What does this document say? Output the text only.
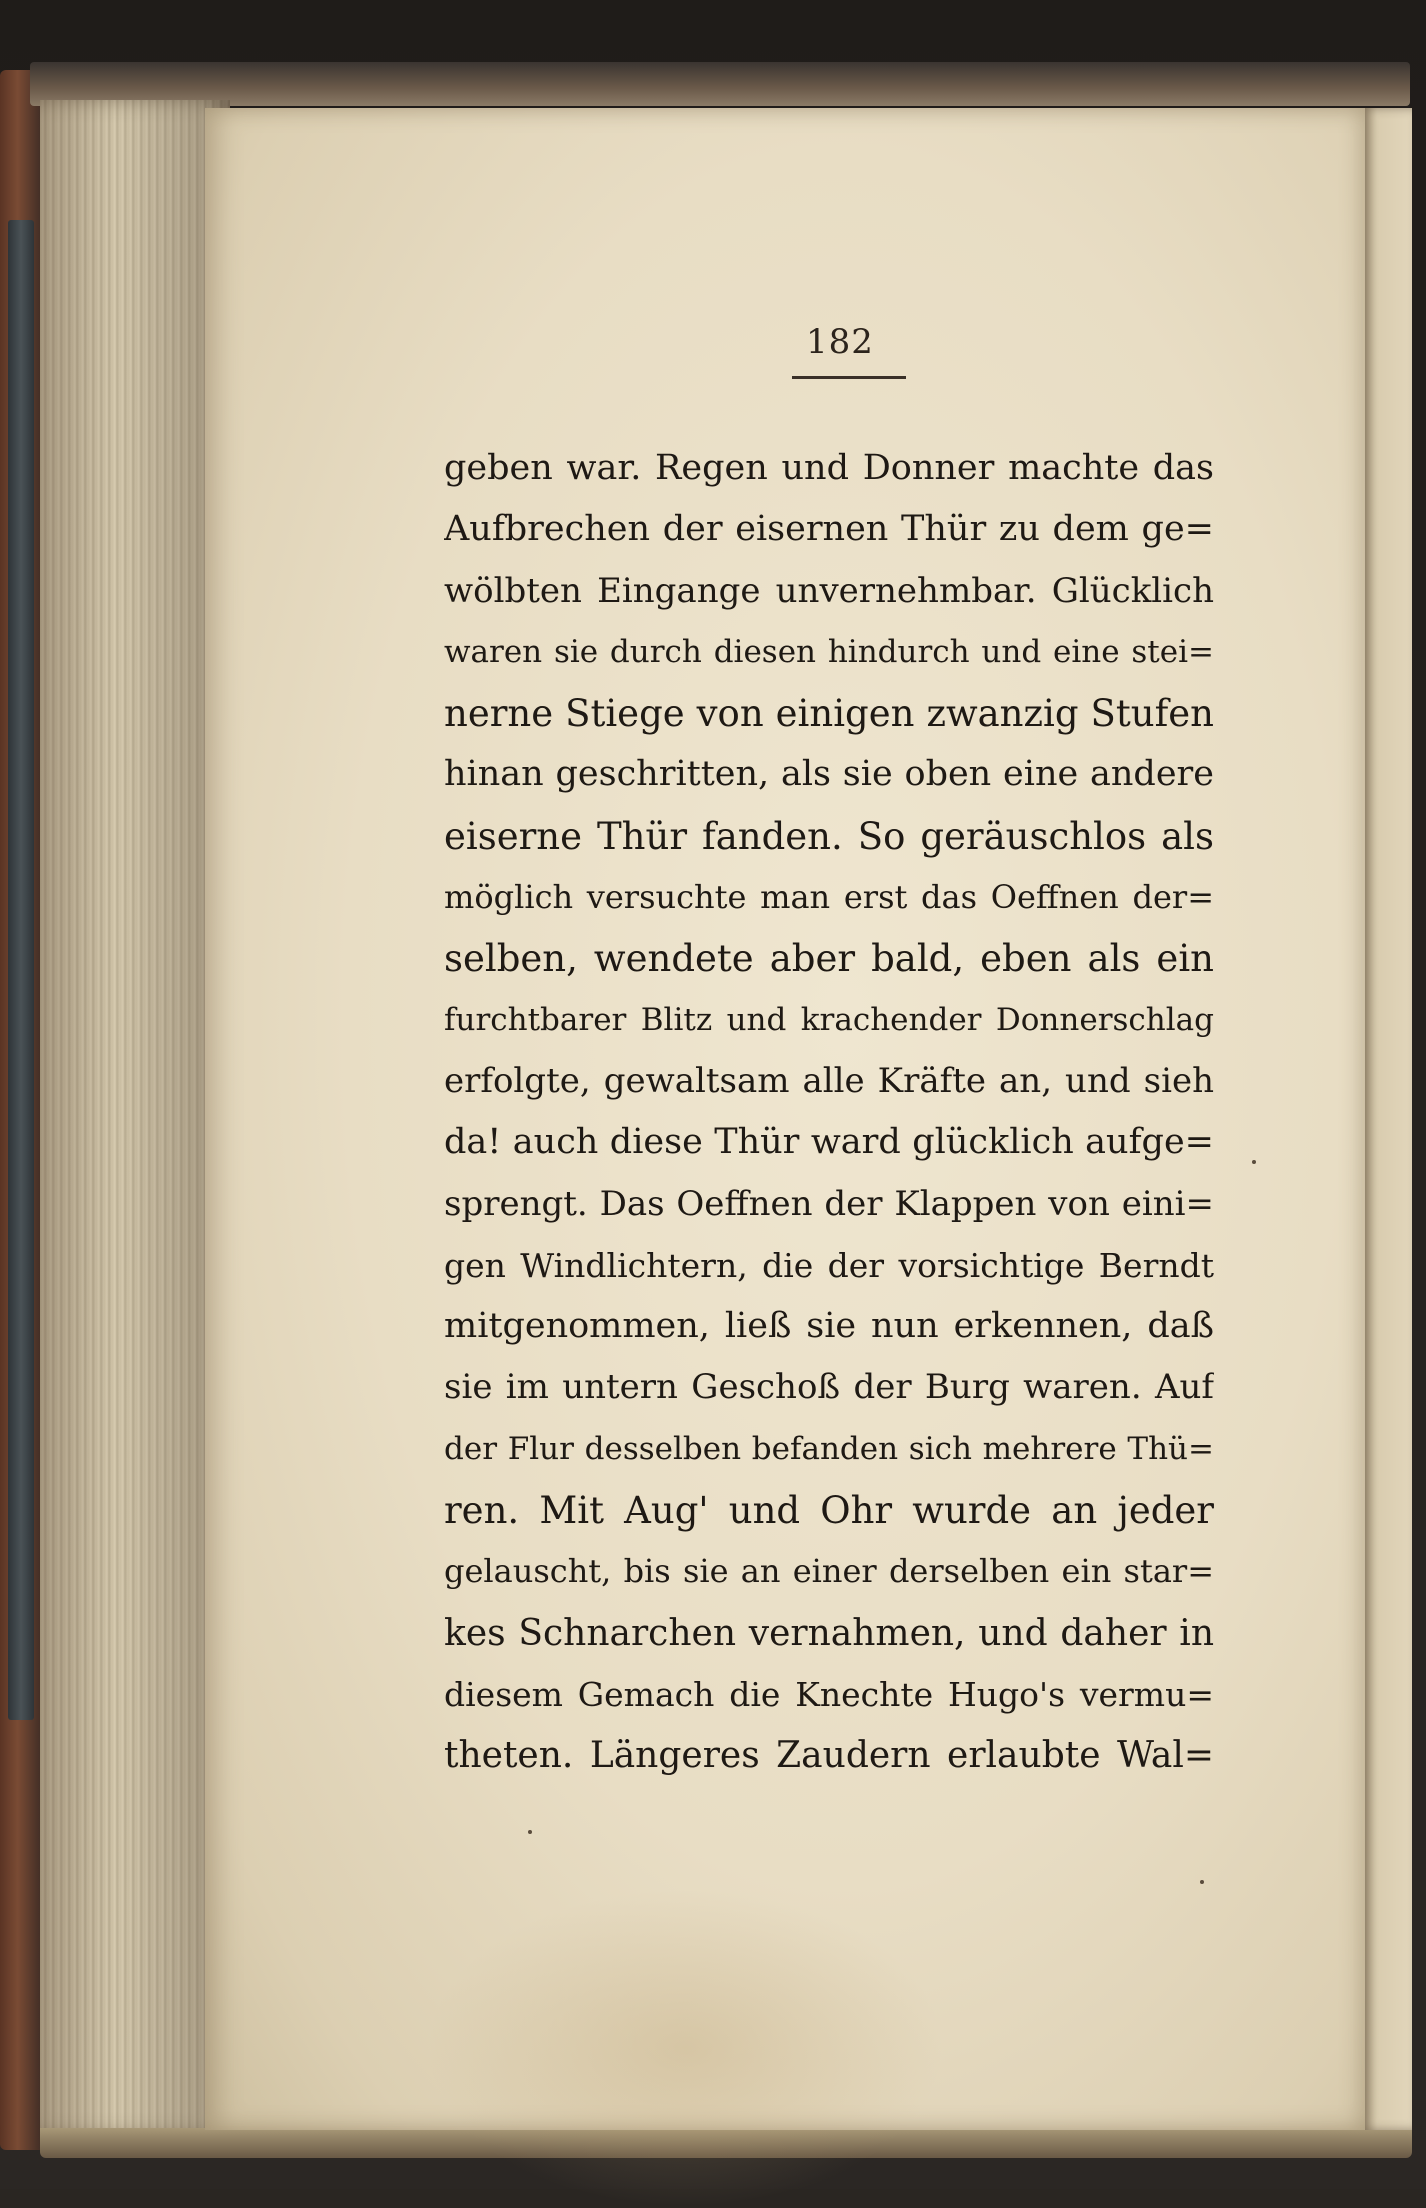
182
geben war. Regen und Donner machte das
Aufbrechen der eisernen Thür zu dem ge=
wölbten Eingange unvernehmbar. Glücklich
waren sie durch diesen hindurch und eine stei=
nerne Stiege von einigen zwanzig Stufen
hinan geschritten, als sie oben eine andere
eiserne Thür fanden. So geräuschlos als
möglich versuchte man erst das Oeffnen der=
selben, wendete aber bald, eben als ein
furchtbarer Blitz und krachender Donnerschlag
erfolgte, gewaltsam alle Kräfte an, und sieh
da! auch diese Thür ward glücklich aufge=
sprengt. Das Oeffnen der Klappen von eini=
gen Windlichtern, die der vorsichtige Berndt
mitgenommen, ließ sie nun erkennen, daß
sie im untern Geschoß der Burg waren. Auf
der Flur desselben befanden sich mehrere Thü=
ren. Mit Aug' und Ohr wurde an jeder
gelauscht, bis sie an einer derselben ein star=
kes Schnarchen vernahmen, und daher in
diesem Gemach die Knechte Hugo's vermu=
theten. Längeres Zaudern erlaubte Wal=
